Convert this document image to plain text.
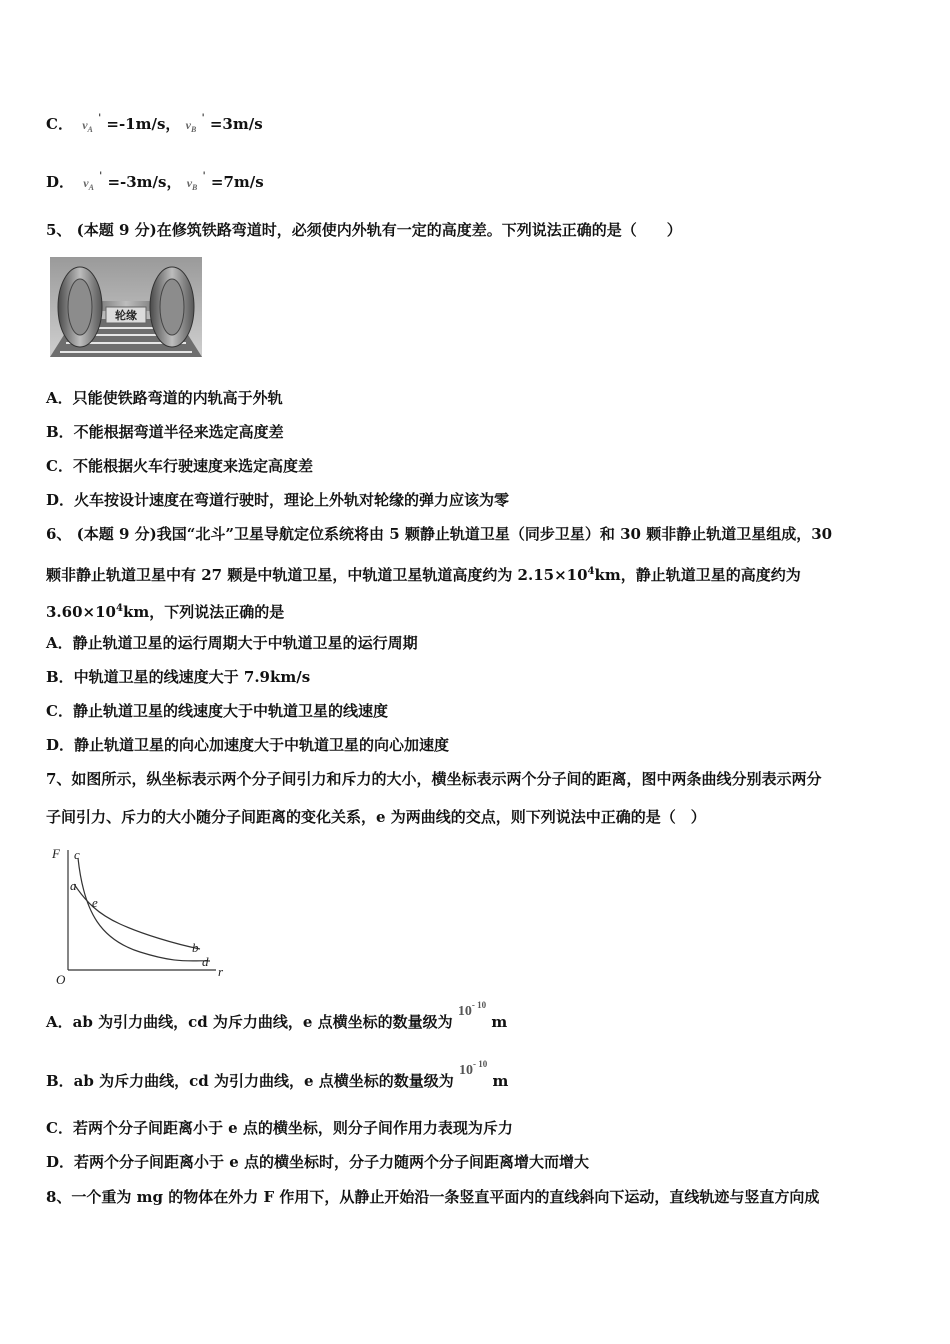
C． $v_A$ ' =-1m/s， $v_B$ ' =3m/s
D． $v_A$ ' =-3m/s， $v_B$ ' =7m/s
5、 (本题 9 分)在修筑铁路弯道时，必须使内外轨有一定的高度差。下列说法正确的是（　　）
轮缘
A．只能使铁路弯道的内轨高于外轨
B．不能根据弯道半径来选定高度差
C．不能根据火车行驶速度来选定高度差
D．火车按设计速度在弯道行驶时，理论上外轨对轮缘的弹力应该为零
6、 (本题 9 分)我国“北斗”卫星导航定位系统将由 5 颗静止轨道卫星（同步卫星）和 30 颗非静止轨道卫星组成，30
颗非静止轨道卫星中有 27 颗是中轨道卫星，中轨道卫星轨道高度约为 $2.15\times 10^4km$，静止轨道卫星的高度约为
$3.60\times 10^4km$，下列说法正确的是
A．静止轨道卫星的运行周期大于中轨道卫星的运行周期
B．中轨道卫星的线速度大于 7.9km/s
C．静止轨道卫星的线速度大于中轨道卫星的线速度
D．静止轨道卫星的向心加速度大于中轨道卫星的向心加速度
7、如图所示，纵坐标表示两个分子间引力和斥力的大小，横坐标表示两个分子间的距离，图中两条曲线分别表示两分
子间引力、斥力的大小随分子间距离的变化关系，e 为两曲线的交点，则下列说法中正确的是（　）
F
r
O
c
a
e
b
d
A．ab 为引力曲线，cd 为斥力曲线，e 点横坐标的数量级为 $10^{- 10}$ m
B．ab 为斥力曲线，cd 为引力曲线，e 点横坐标的数量级为 $10^{- 10}$ m
C．若两个分子间距离小于 e 点的横坐标，则分子间作用力表现为斥力
D．若两个分子间距离小于 e 点的横坐标时，分子力随两个分子间距离增大而增大
8、一个重为 mg 的物体在外力 F 作用下，从静止开始沿一条竖直平面内的直线斜向下运动，直线轨迹与竖直方向成
